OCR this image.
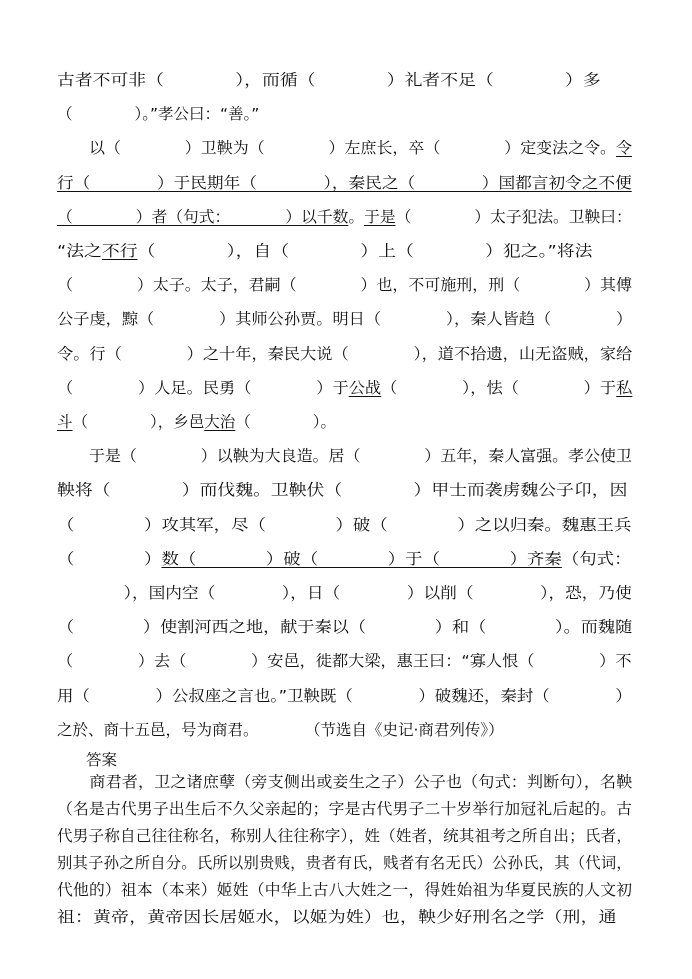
古者不可非（　　　　），而循（　　　　）礼者不足（　　　　）多
（　　　　）。”孝公曰：“善。”
　　以（　　　　）卫鞅为（　　　　）左庶长，卒（　　　　）定变法之令。令
行（　　　　）于民期年（　　　　），秦民之（　　　　）国都言初令之不便
（　　　　）者（句式：　　　　）以千数。于是（　　　　）太子犯法。卫鞅曰：
“法之不行（　　　　），自（　　　　）上（　　　　）犯之。”将法
（　　　　）太子。太子，君嗣（　　　　）也，不可施刑，刑（　　　　）其傅
公子虔，黥（　　　　）其师公孙贾。明日（　　　　），秦人皆趋（　　　　）
令。行（　　　　）之十年，秦民大说（　　　　），道不拾遗，山无盗贼，家给
（　　　　）人足。民勇（　　　　）于公战（　　　　），怯（　　　　）于私
斗（　　　　），乡邑大治（　　　　）。
　　于是（　　　　）以鞅为大良造。居（　　　　）五年，秦人富强。孝公使卫
鞅将（　　　　）而伐魏。卫鞅伏（　　　　）甲士而袭虏魏公子卬，因
（　　　　）攻其军，尽（　　　　）破（　　　　）之以归秦。魏惠王兵
（　　　　）数（　　　　）破（　　　　）于（　　　　）齐秦（句式：
　　　　），国内空（　　　　），日（　　　　）以削（　　　　），恐，乃使
（　　　　）使割河西之地，献于秦以（　　　　）和（　　　　）。而魏随
（　　　　）去（　　　　）安邑，徙都大梁，惠王曰：“寡人恨（　　　　）不
用（　　　　）公叔座之言也。”卫鞅既（　　　　）破魏还，秦封（　　　　）
之於、商十五邑，号为商君。　　　　（节选自《史记·商君列传》）
答案
　　商君者，卫之诸庶孽（旁支侧出或妾生之子）公子也（句式：判断句），名鞅
（名是古代男子出生后不久父亲起的；字是古代男子二十岁举行加冠礼后起的。古
代男子称自己往往称名，称别人往往称字），姓（姓者，统其祖考之所自出；氏者，
别其子孙之所自分。氏所以别贵贱，贵者有氏，贱者有名无氏）公孙氏，其（代词，
代他的）祖本（本来）姬姓（中华上古八大姓之一，得姓始祖为华夏民族的人文初
祖：黄帝，黄帝因长居姬水，以姬为姓）也，鞅少好刑名之学（刑，通
